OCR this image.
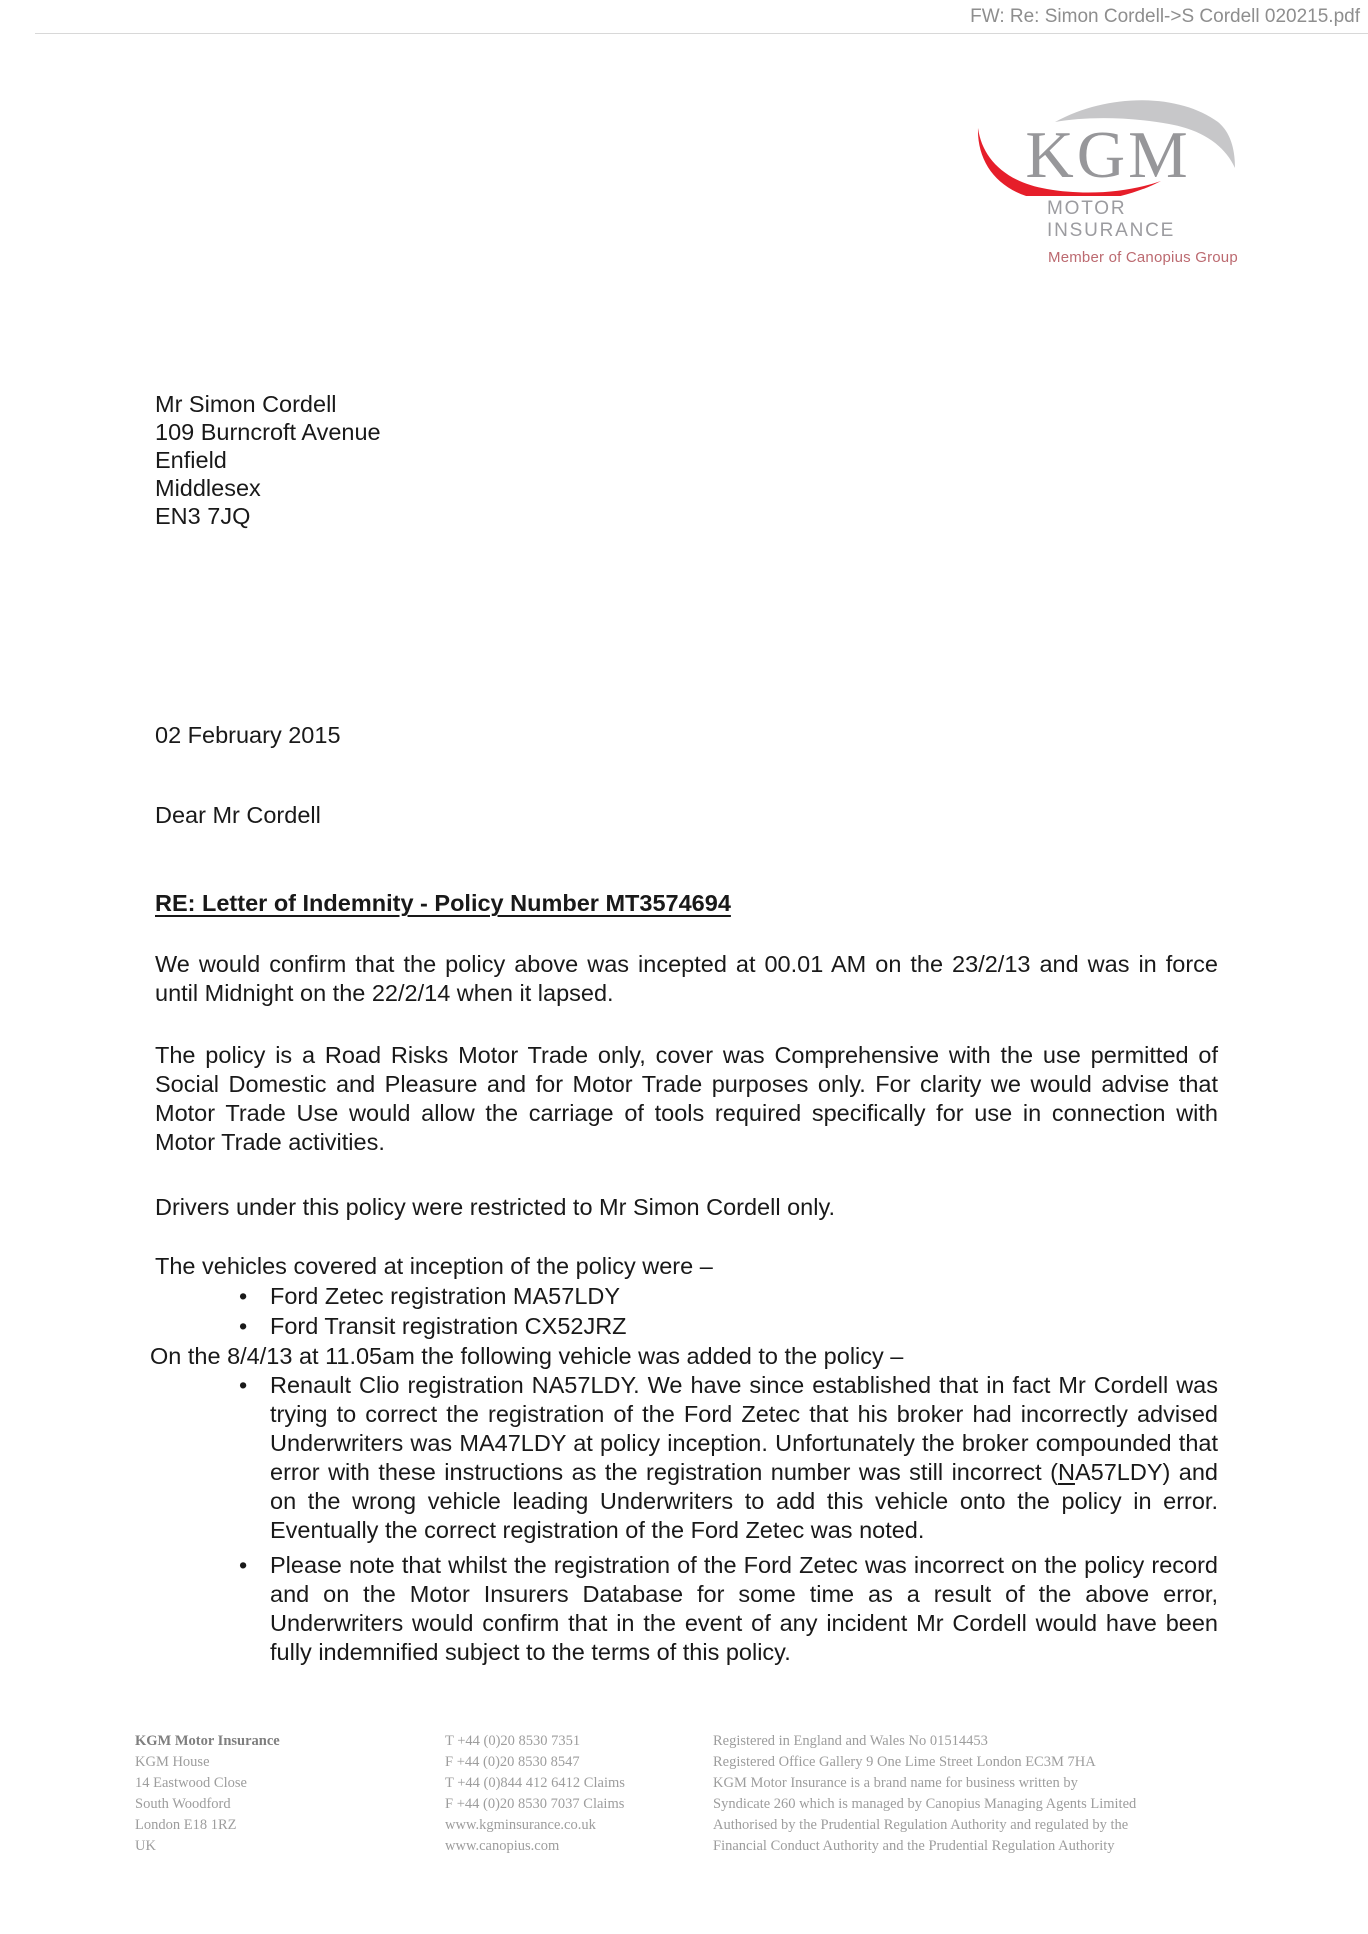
FW: Re: Simon Cordell->S Cordell 020215.pdf
KGM
MOTOR INSURANCE
Member of Canopius Group
Mr Simon Cordell
109 Burncroft Avenue
Enfield
Middlesex
EN3 7JQ
02 February 2015
Dear Mr Cordell
RE: Letter of Indemnity - Policy Number MT3574694

We would confirm that the policy above was incepted at 00.01 AM on the 23/2/13 and was in force until Midnight on the 22/2/14 when it lapsed.

The policy is a Road Risks Motor Trade only, cover was Comprehensive with the use permitted of Social Domestic and Pleasure and for Motor Trade purposes only. For clarity we would advise that Motor Trade Use would allow the carriage of tools required specifically for use in connection with Motor Trade activities.

Drivers under this policy were restricted to Mr Simon Cordell only.

The vehicles covered at inception of the policy were –
• Ford Zetec registration MA57LDY
• Ford Transit registration CX52JRZ
On the 8/4/13 at 11.05am the following vehicle was added to the policy –
• Renault Clio registration NA57LDY. We have since established that in fact Mr Cordell was trying to correct the registration of the Ford Zetec that his broker had incorrectly advised Underwriters was MA47LDY at policy inception. Unfortunately the broker compounded that error with these instructions as the registration number was still incorrect (NA57LDY) and on the wrong vehicle leading Underwriters to add this vehicle onto the policy in error. Eventually the correct registration of the Ford Zetec was noted.
• Please note that whilst the registration of the Ford Zetec was incorrect on the policy record and on the Motor Insurers Database for some time as a result of the above error, Underwriters would confirm that in the event of any incident Mr Cordell would have been fully indemnified subject to the terms of this policy.
KGM Motor Insurance
KGM House
14 Eastwood Close
South Woodford
London E18 1RZ
UK
T +44 (0)20 8530 7351
F +44 (0)20 8530 8547
T +44 (0)844 412 6412 Claims
F +44 (0)20 8530 7037 Claims
www.kgminsurance.co.uk
www.canopius.com
Registered in England and Wales No 01514453
Registered Office Gallery 9 One Lime Street London EC3M 7HA
KGM Motor Insurance is a brand name for business written by
Syndicate 260 which is managed by Canopius Managing Agents Limited
Authorised by the Prudential Regulation Authority and regulated by the
Financial Conduct Authority and the Prudential Regulation Authority
